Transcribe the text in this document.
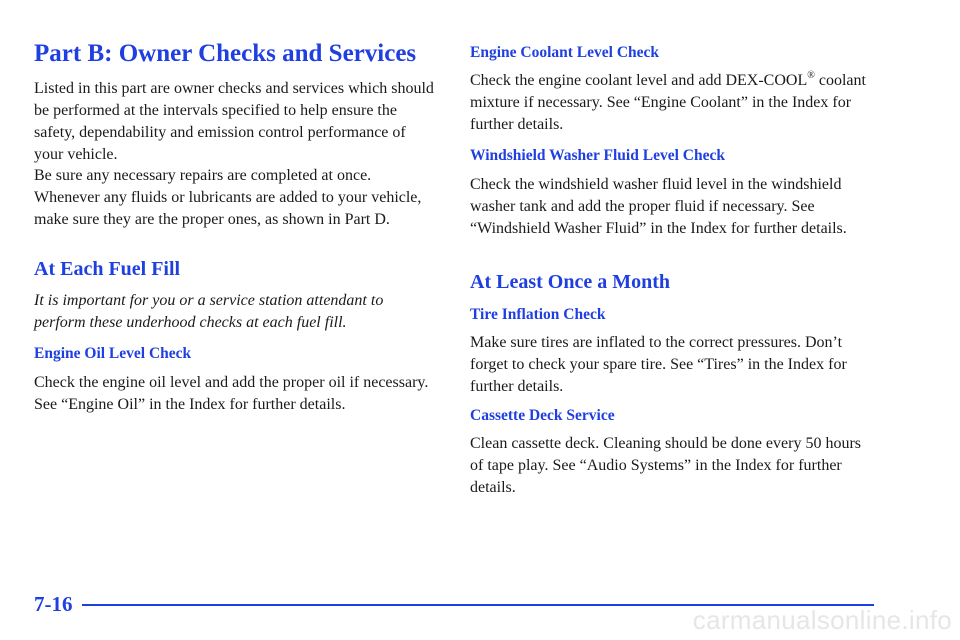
Part B: Owner Checks and Services

Listed in this part are owner checks and services which should be performed at the intervals specified to help ensure the safety, dependability and emission control performance of your vehicle.

Be sure any necessary repairs are completed at once. Whenever any fluids or lubricants are added to your vehicle, make sure they are the proper ones, as shown in Part D.

At Each Fuel Fill

It is important for you or a service station attendant to perform these underhood checks at each fuel fill.

Engine Oil Level Check

Check the engine oil level and add the proper oil if necessary. See “Engine Oil” in the Index for further details.

Engine Coolant Level Check

Check the engine coolant level and add DEX-COOL® coolant mixture if necessary. See “Engine Coolant” in the Index for further details.

Windshield Washer Fluid Level Check

Check the windshield washer fluid level in the windshield washer tank and add the proper fluid if necessary. See “Windshield Washer Fluid” in the Index for further details.

At Least Once a Month
Tire Inflation Check

Make sure tires are inflated to the correct pressures. Don’t forget to check your spare tire. See “Tires” in the Index for further details.

Cassette Deck Service

Clean cassette deck. Cleaning should be done every 50 hours of tape play. See “Audio Systems” in the Index for further details.

7-16
carmanualsonline.info
